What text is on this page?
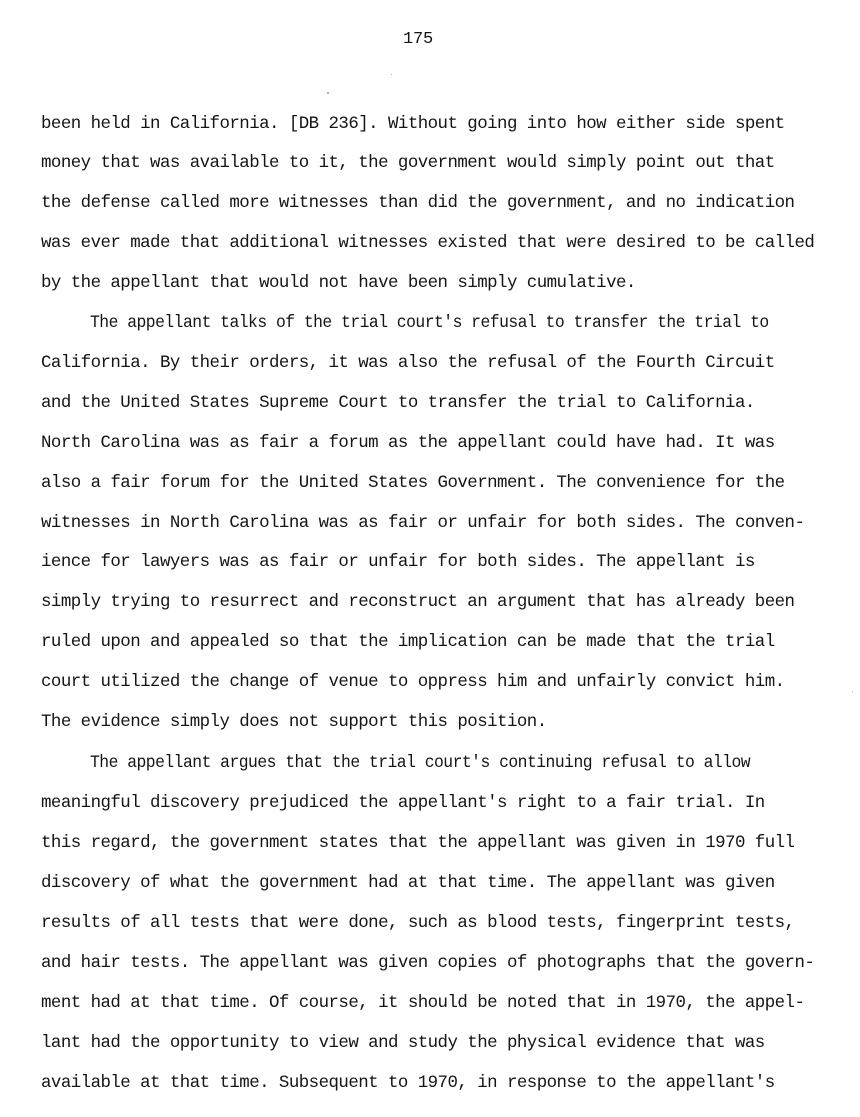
175
been held in California. [DB 236]. Without going into how either side spent
money that was available to it, the government would simply point out that
the defense called more witnesses than did the government, and no indication
was ever made that additional witnesses existed that were desired to be called
by the appellant that would not have been simply cumulative.
The appellant talks of the trial court's refusal to transfer the trial to
California. By their orders, it was also the refusal of the Fourth Circuit
and the United States Supreme Court to transfer the trial to California.
North Carolina was as fair a forum as the appellant could have had. It was
also a fair forum for the United States Government. The convenience for the
witnesses in North Carolina was as fair or unfair for both sides. The conven-
ience for lawyers was as fair or unfair for both sides. The appellant is
simply trying to resurrect and reconstruct an argument that has already been
ruled upon and appealed so that the implication can be made that the trial
court utilized the change of venue to oppress him and unfairly convict him.
The evidence simply does not support this position.
The appellant argues that the trial court's continuing refusal to allow
meaningful discovery prejudiced the appellant's right to a fair trial. In
this regard, the government states that the appellant was given in 1970 full
discovery of what the government had at that time. The appellant was given
results of all tests that were done, such as blood tests, fingerprint tests,
and hair tests. The appellant was given copies of photographs that the govern-
ment had at that time. Of course, it should be noted that in 1970, the appel-
lant had the opportunity to view and study the physical evidence that was
available at that time. Subsequent to 1970, in response to the appellant's
